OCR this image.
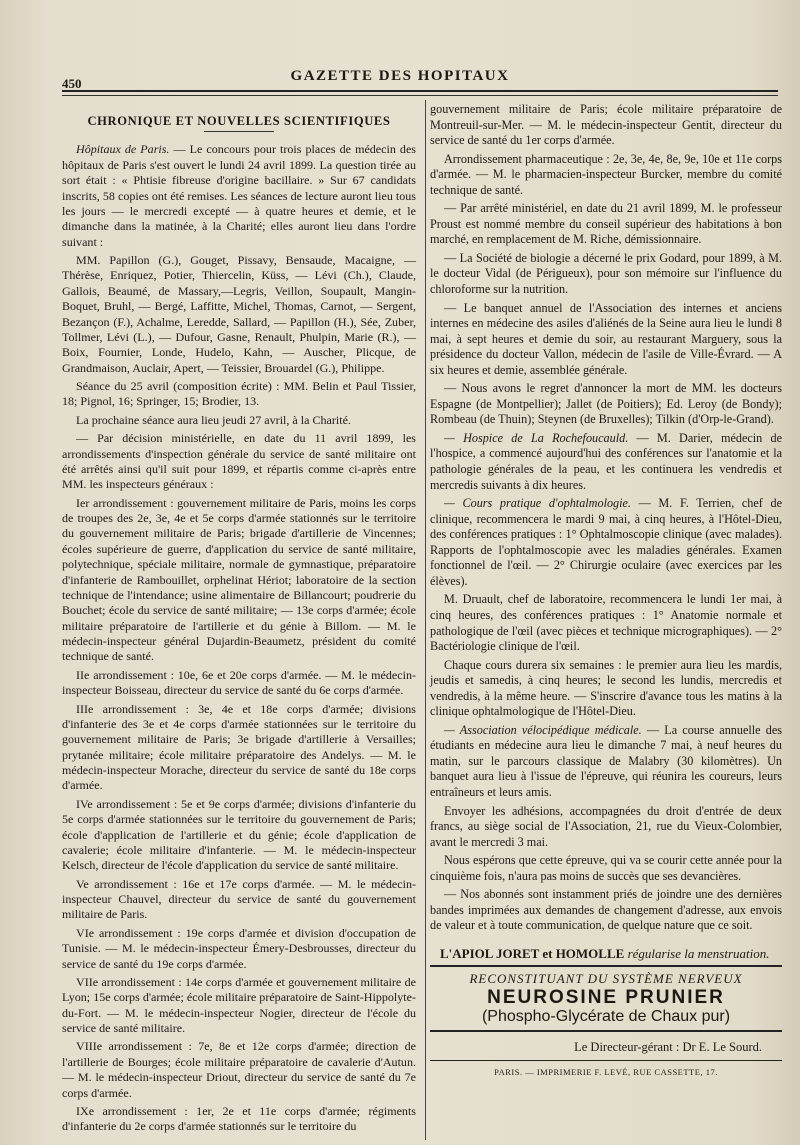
450	GAZETTE DES HOPITAUX
CHRONIQUE ET NOUVELLES SCIENTIFIQUES

Hôpitaux de Paris. — Le concours pour trois places de médecin des hôpitaux de Paris s'est ouvert le lundi 24 avril 1899. La question tirée au sort était : « Phtisie fibreuse d'origine bacillaire. » Sur 67 candidats inscrits, 58 copies ont été remises. Les séances de lecture auront lieu tous les jours — le mercredi excepté — à quatre heures et demie, et le dimanche dans la matinée, à la Charité; elles auront lieu dans l'ordre suivant :

MM. Papillon (G.), Gouget, Pissavy, Bensaude, Macaigne, — Thérèse, Enriquez, Potier, Thiercelin, Küss, — Lévi (Ch.), Claude, Gallois, Beaumé, de Massary,—Legris, Veillon, Soupault, Mangin-Boquet, Bruhl, — Bergé, Laffitte, Michel, Thomas, Carnot, — Sergent, Bezançon (F.), Achalme, Leredde, Sallard, — Papillon (H.), Sée, Zuber, Tollmer, Lévi (L.), — Dufour, Gasne, Renault, Phulpin, Marie (R.), — Boix, Fournier, Londe, Hudelo, Kahn, — Auscher, Plicque, de Grandmaison, Auclair, Apert, — Teissier, Brouardel (G.), Philippe.

Séance du 25 avril (composition écrite) : MM. Belin et Paul Tissier, 18; Pignol, 16; Springer, 15; Brodier, 13.

La prochaine séance aura lieu jeudi 27 avril, à la Charité.

— Par décision ministérielle, en date du 11 avril 1899, les arrondissements d'inspection générale du service de santé militaire ont été arrêtés ainsi qu'il suit pour 1899, et répartis comme ci-après entre MM. les inspecteurs généraux :

Ier arrondissement : gouvernement militaire de Paris, moins les corps de troupes des 2e, 3e, 4e et 5e corps d'armée stationnés sur le territoire du gouvernement militaire de Paris; brigade d'artillerie de Vincennes; écoles supérieure de guerre, d'application du service de santé militaire, polytechnique, spéciale militaire, normale de gymnastique, préparatoire d'infanterie de Rambouillet, orphelinat Hériot; laboratoire de la section technique de l'intendance; usine alimentaire de Billancourt; poudrerie du Bouchet; école du service de santé militaire; — 13e corps d'armée; école militaire préparatoire de l'artillerie et du génie à Billom. — M. le médecin-inspecteur général Dujardin-Beaumetz, président du comité technique de santé.

IIe arrondissement : 10e, 6e et 20e corps d'armée. — M. le médecin-inspecteur Boisseau, directeur du service de santé du 6e corps d'armée.

IIIe arrondissement : 3e, 4e et 18e corps d'armée; divisions d'infanterie des 3e et 4e corps d'armée stationnées sur le territoire du gouvernement militaire de Paris; 3e brigade d'artillerie à Versailles; prytanée militaire; école militaire préparatoire des Andelys. — M. le médecin-inspecteur Morache, directeur du service de santé du 18e corps d'armée.

IVe arrondissement : 5e et 9e corps d'armée; divisions d'infanterie du 5e corps d'armée stationnées sur le territoire du gouvernement de Paris; école d'application de l'artillerie et du génie; école d'application de cavalerie; école militaire d'infanterie. — M. le médecin-inspecteur Kelsch, directeur de l'école d'application du service de santé militaire.

Ve arrondissement : 16e et 17e corps d'armée. — M. le médecin-inspecteur Chauvel, directeur du service de santé du gouvernement militaire de Paris.

VIe arrondissement : 19e corps d'armée et division d'occupation de Tunisie. — M. le médecin-inspecteur Émery-Desbrousses, directeur du service de santé du 19e corps d'armée.

VIIe arrondissement : 14e corps d'armée et gouvernement militaire de Lyon; 15e corps d'armée; école militaire préparatoire de Saint-Hippolyte-du-Fort. — M. le médecin-inspecteur Nogier, directeur de l'école du service de santé militaire.

VIIIe arrondissement : 7e, 8e et 12e corps d'armée; direction de l'artillerie de Bourges; école militaire préparatoire de cavalerie d'Autun. — M. le médecin-inspecteur Driout, directeur du service de santé du 7e corps d'armée.

IXe arrondissement : 1er, 2e et 11e corps d'armée; régiments d'infanterie du 2e corps d'armée stationnés sur le territoire du

gouvernement militaire de Paris; école militaire préparatoire de Montreuil-sur-Mer. — M. le médecin-inspecteur Gentit, directeur du service de santé du 1er corps d'armée.

Arrondissement pharmaceutique : 2e, 3e, 4e, 8e, 9e, 10e et 11e corps d'armée. — M. le pharmacien-inspecteur Burcker, membre du comité technique de santé.

— Par arrêté ministériel, en date du 21 avril 1899, M. le professeur Proust est nommé membre du conseil supérieur des habitations à bon marché, en remplacement de M. Riche, démissionnaire.

— La Société de biologie a décerné le prix Godard, pour 1899, à M. le docteur Vidal (de Périgueux), pour son mémoire sur l'influence du chloroforme sur la nutrition.

— Le banquet annuel de l'Association des internes et anciens internes en médecine des asiles d'aliénés de la Seine aura lieu le lundi 8 mai, à sept heures et demie du soir, au restaurant Marguery, sous la présidence du docteur Vallon, médecin de l'asile de Ville-Évrard. — A six heures et demie, assemblée générale.

— Nous avons le regret d'annoncer la mort de MM. les docteurs Espagne (de Montpellier); Jallet (de Poitiers); Ed. Leroy (de Bondy); Rombeau (de Thuin); Steynen (de Bruxelles); Tilkin (d'Orp-le-Grand).

— Hospice de La Rochefoucauld. — M. Darier, médecin de l'hospice, a commencé aujourd'hui des conférences sur l'anatomie et la pathologie générales de la peau, et les continuera les vendredis et mercredis suivants à dix heures.

— Cours pratique d'ophtalmologie. — M. F. Terrien, chef de clinique, recommencera le mardi 9 mai, à cinq heures, à l'Hôtel-Dieu, des conférences pratiques : 1° Ophtalmoscopie clinique (avec malades). Rapports de l'ophtalmoscopie avec les maladies générales. Examen fonctionnel de l'œil. — 2° Chirurgie oculaire (avec exercices par les élèves).

M. Druault, chef de laboratoire, recommencera le lundi 1er mai, à cinq heures, des conférences pratiques : 1° Anatomie normale et pathologique de l'œil (avec pièces et technique micrographiques). — 2° Bactériologie clinique de l'œil.

Chaque cours durera six semaines : le premier aura lieu les mardis, jeudis et samedis, à cinq heures; le second les lundis, mercredis et vendredis, à la même heure. — S'inscrire d'avance tous les matins à la clinique ophtalmologique de l'Hôtel-Dieu.

— Association vélocipédique médicale. — La course annuelle des étudiants en médecine aura lieu le dimanche 7 mai, à neuf heures du matin, sur le parcours classique de Malabry (30 kilomètres). Un banquet aura lieu à l'issue de l'épreuve, qui réunira les coureurs, leurs entraîneurs et leurs amis.

Envoyer les adhésions, accompagnées du droit d'entrée de deux francs, au siège social de l'Association, 21, rue du Vieux-Colombier, avant le mercredi 3 mai.

Nous espérons que cette épreuve, qui va se courir cette année pour la cinquième fois, n'aura pas moins de succès que ses devancières.

— Nos abonnés sont instamment priés de joindre une des dernières bandes imprimées aux demandes de changement d'adresse, aux envois de valeur et à toute communication, de quelque nature que ce soit.

L'APIOL JORET et HOMOLLE régularise la menstruation.
RECONSTITUANT DU SYSTÈME NERVEUX
NEUROSINE PRUNIER
(Phospho-Glycérate de Chaux pur)
Le Directeur-gérant : Dr E. Le Sourd.
PARIS. — IMPRIMERIE F. LEVÉ, RUE CASSETTE, 17.
